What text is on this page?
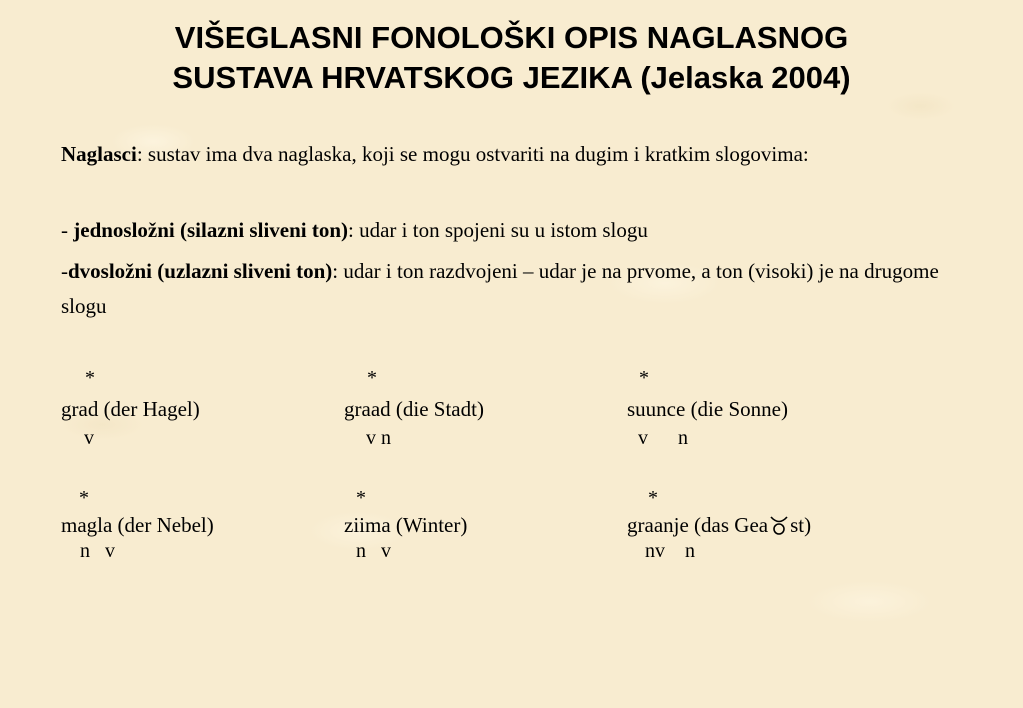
VIŠEGLASNI FONOLOŠKI OPIS NAGLASNOG
SUSTAVA HRVATSKOG JEZIKA (Jelaska 2004)

Naglasci: sustav ima dva naglaska, koji se mogu ostvariti na dugim i kratkim slogovima:

- jednosložni (silazni sliveni ton): udar i ton spojeni su u istom slogu

-dvosložni (uzlazni sliveni ton): udar i ton razdvojeni – udar je na prvome, a ton (visoki) je na drugome slogu

*
grad (der Hagel)
v
*
graad (die Stadt)
v n
*
suunce (die Sonne)
v      n
*
magla (der Nebel)
n   v
*
ziima (Winter)
n   v
*
graanje (das Gea st)
nv    n
